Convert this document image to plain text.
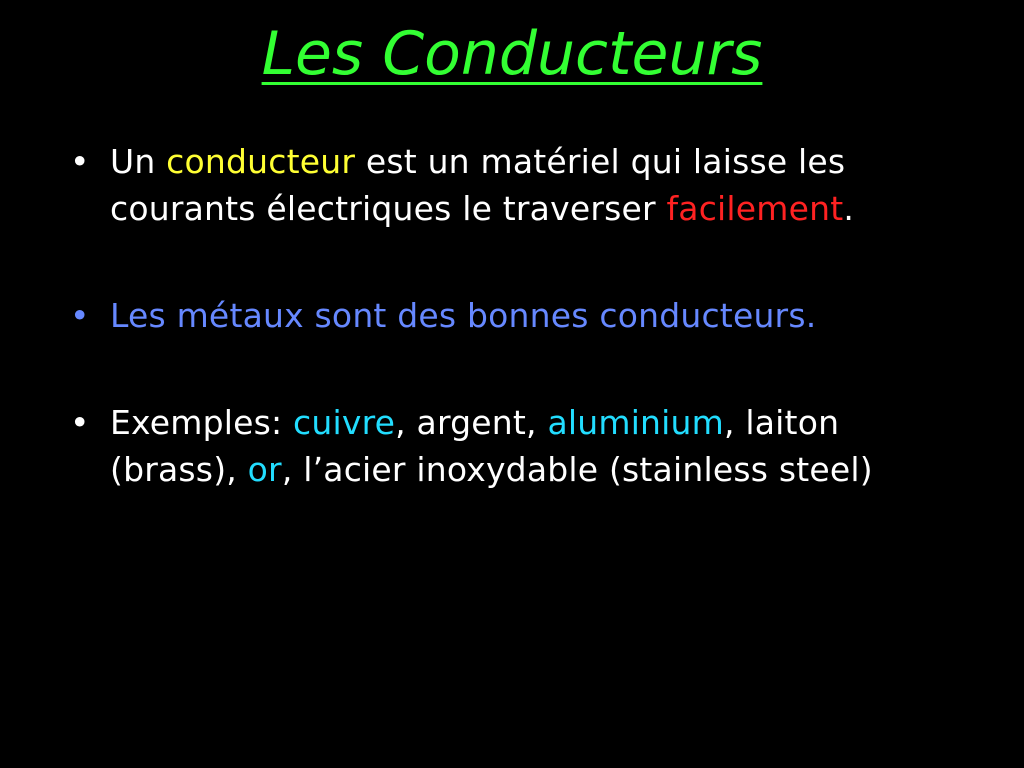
Les Conducteurs
• Un conducteur est un matériel qui laisse les courants électriques le traverser facilement.
• Les métaux sont des bonnes conducteurs.
• Exemples: cuivre, argent, aluminium, laiton (brass), or, l’acier inoxydable (stainless steel)
